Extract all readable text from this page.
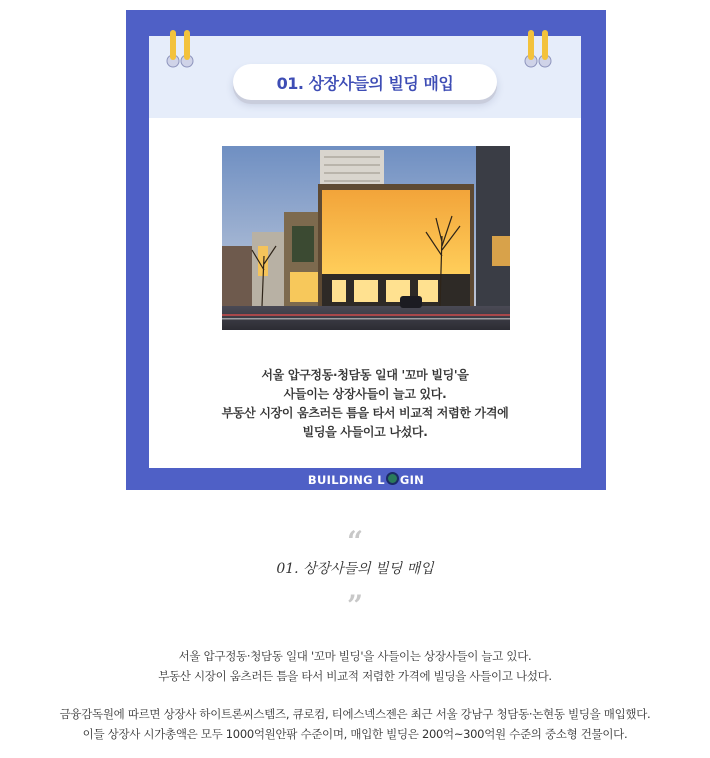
01. 상장사들의 빌딩 매입
서울 압구정동·청담동 일대 '꼬마 빌딩'을
사들이는 상장사들이 늘고 있다.
부동산 시장이 움츠러든 틈을 타서 비교적 저렴한 가격에
빌딩을 사들이고 나섰다.
BUILDING L GIN
“
01. 상장사들의 빌딩 매입
”
서울 압구정동·청담동 일대 '꼬마 빌딩'을 사들이는 상장사들이 늘고 있다.
부동산 시장이 움츠러든 틈을 타서 비교적 저렴한 가격에 빌딩을 사들이고 나섰다.
금융감독원에 따르면 상장사 하이트론씨스템즈, 큐로컴, 티에스넥스젠은 최근 서울 강남구 청담동·논현동 빌딩을 매입했다.
이들 상장사 시가총액은 모두 1000억원안팎 수준이며, 매입한 빌딩은 200억~300억원 수준의 중소형 건물이다.
